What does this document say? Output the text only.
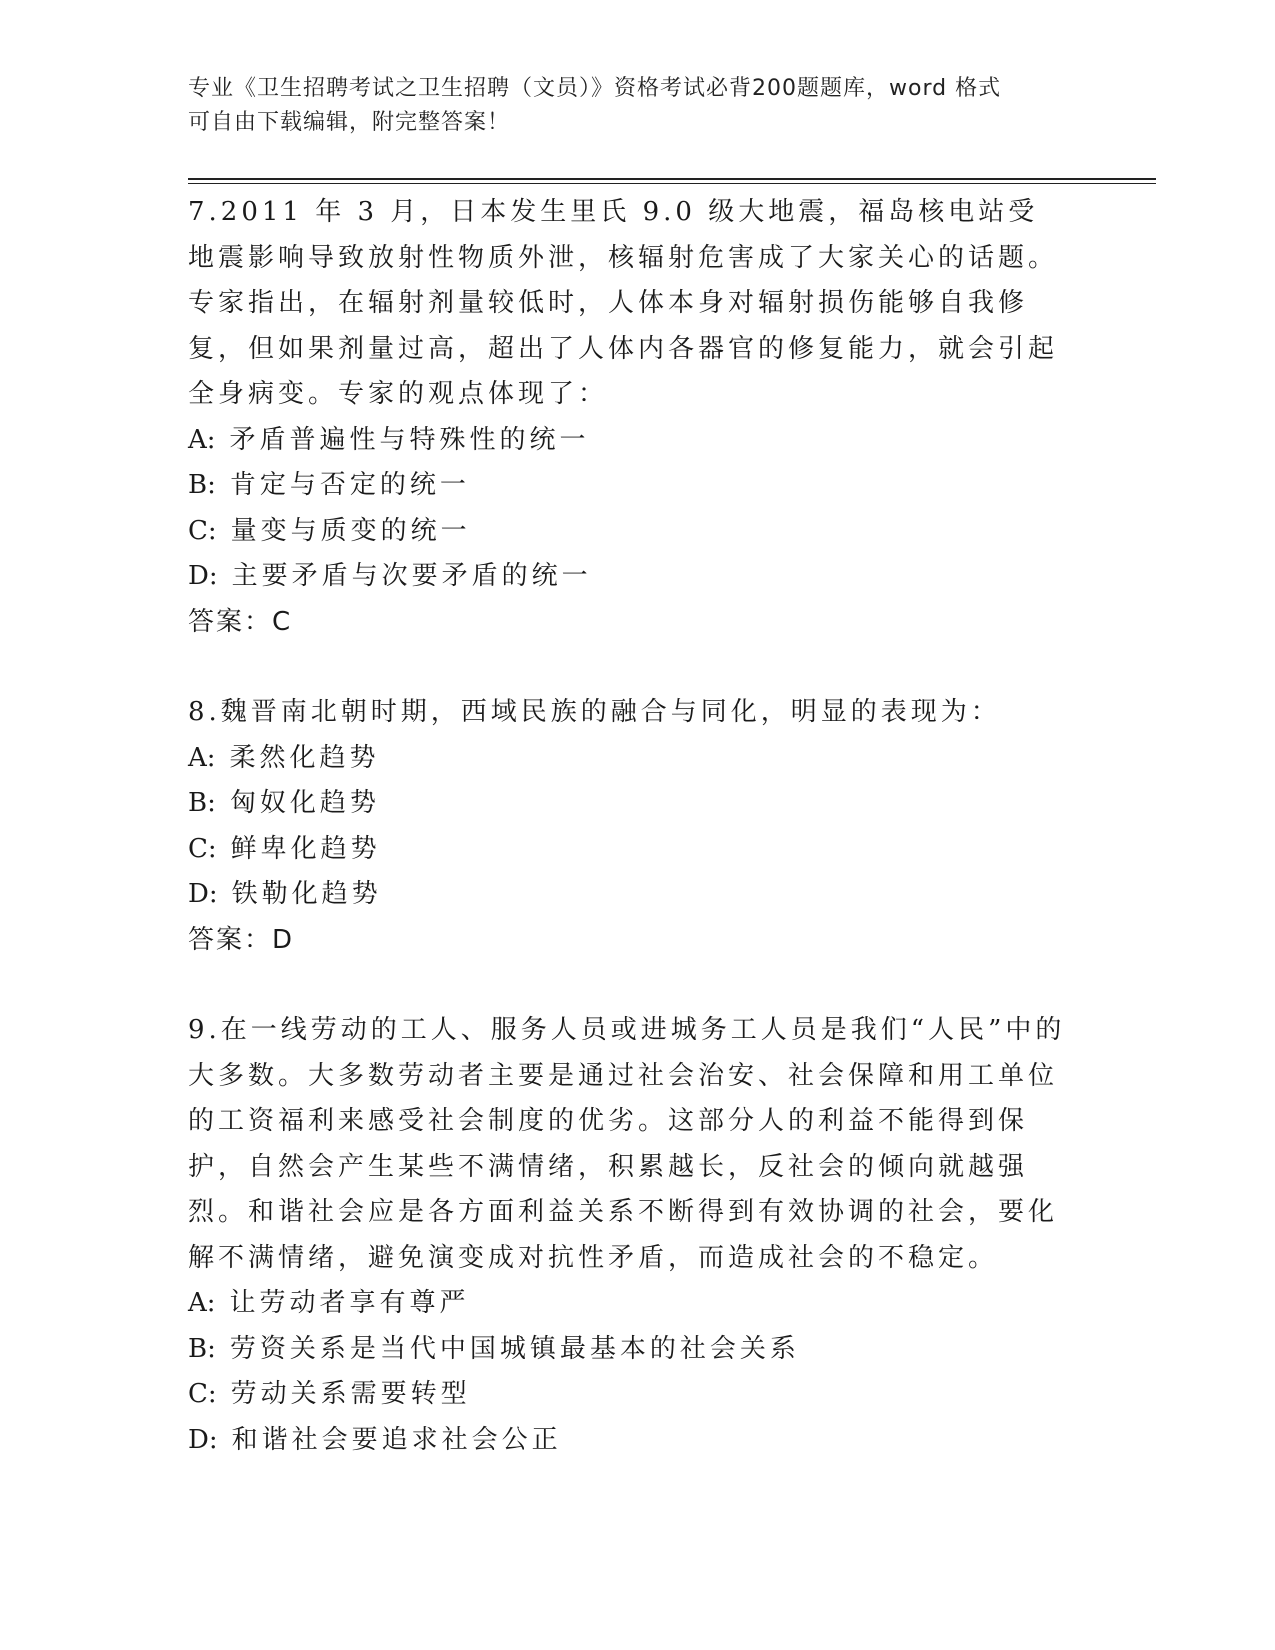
专业《卫生招聘考试之卫生招聘（文员）》资格考试必背200题题库，word 格式
可自由下载编辑，附完整答案！
7.2011 年 3 月，日本发生里氏 9.0 级大地震，福岛核电站受地震影响导致放射性物质外泄，核辐射危害成了大家关心的话题。专家指出，在辐射剂量较低时，人体本身对辐射损伤能够自我修复，但如果剂量过高，超出了人体内各器官的修复能力，就会引起全身病变。专家的观点体现了：
A: 矛盾普遍性与特殊性的统一
B: 肯定与否定的统一
C: 量变与质变的统一
D: 主要矛盾与次要矛盾的统一
答案：C
8.魏晋南北朝时期，西域民族的融合与同化，明显的表现为：
A: 柔然化趋势
B: 匈奴化趋势
C: 鲜卑化趋势
D: 铁勒化趋势
答案：D
9.在一线劳动的工人、服务人员或进城务工人员是我们“人民”中的大多数。大多数劳动者主要是通过社会治安、社会保障和用工单位的工资福利来感受社会制度的优劣。这部分人的利益不能得到保护，自然会产生某些不满情绪，积累越长，反社会的倾向就越强烈。和谐社会应是各方面利益关系不断得到有效协调的社会，要化解不满情绪，避免演变成对抗性矛盾，而造成社会的不稳定。
A: 让劳动者享有尊严
B: 劳资关系是当代中国城镇最基本的社会关系
C: 劳动关系需要转型
D: 和谐社会要追求社会公正
